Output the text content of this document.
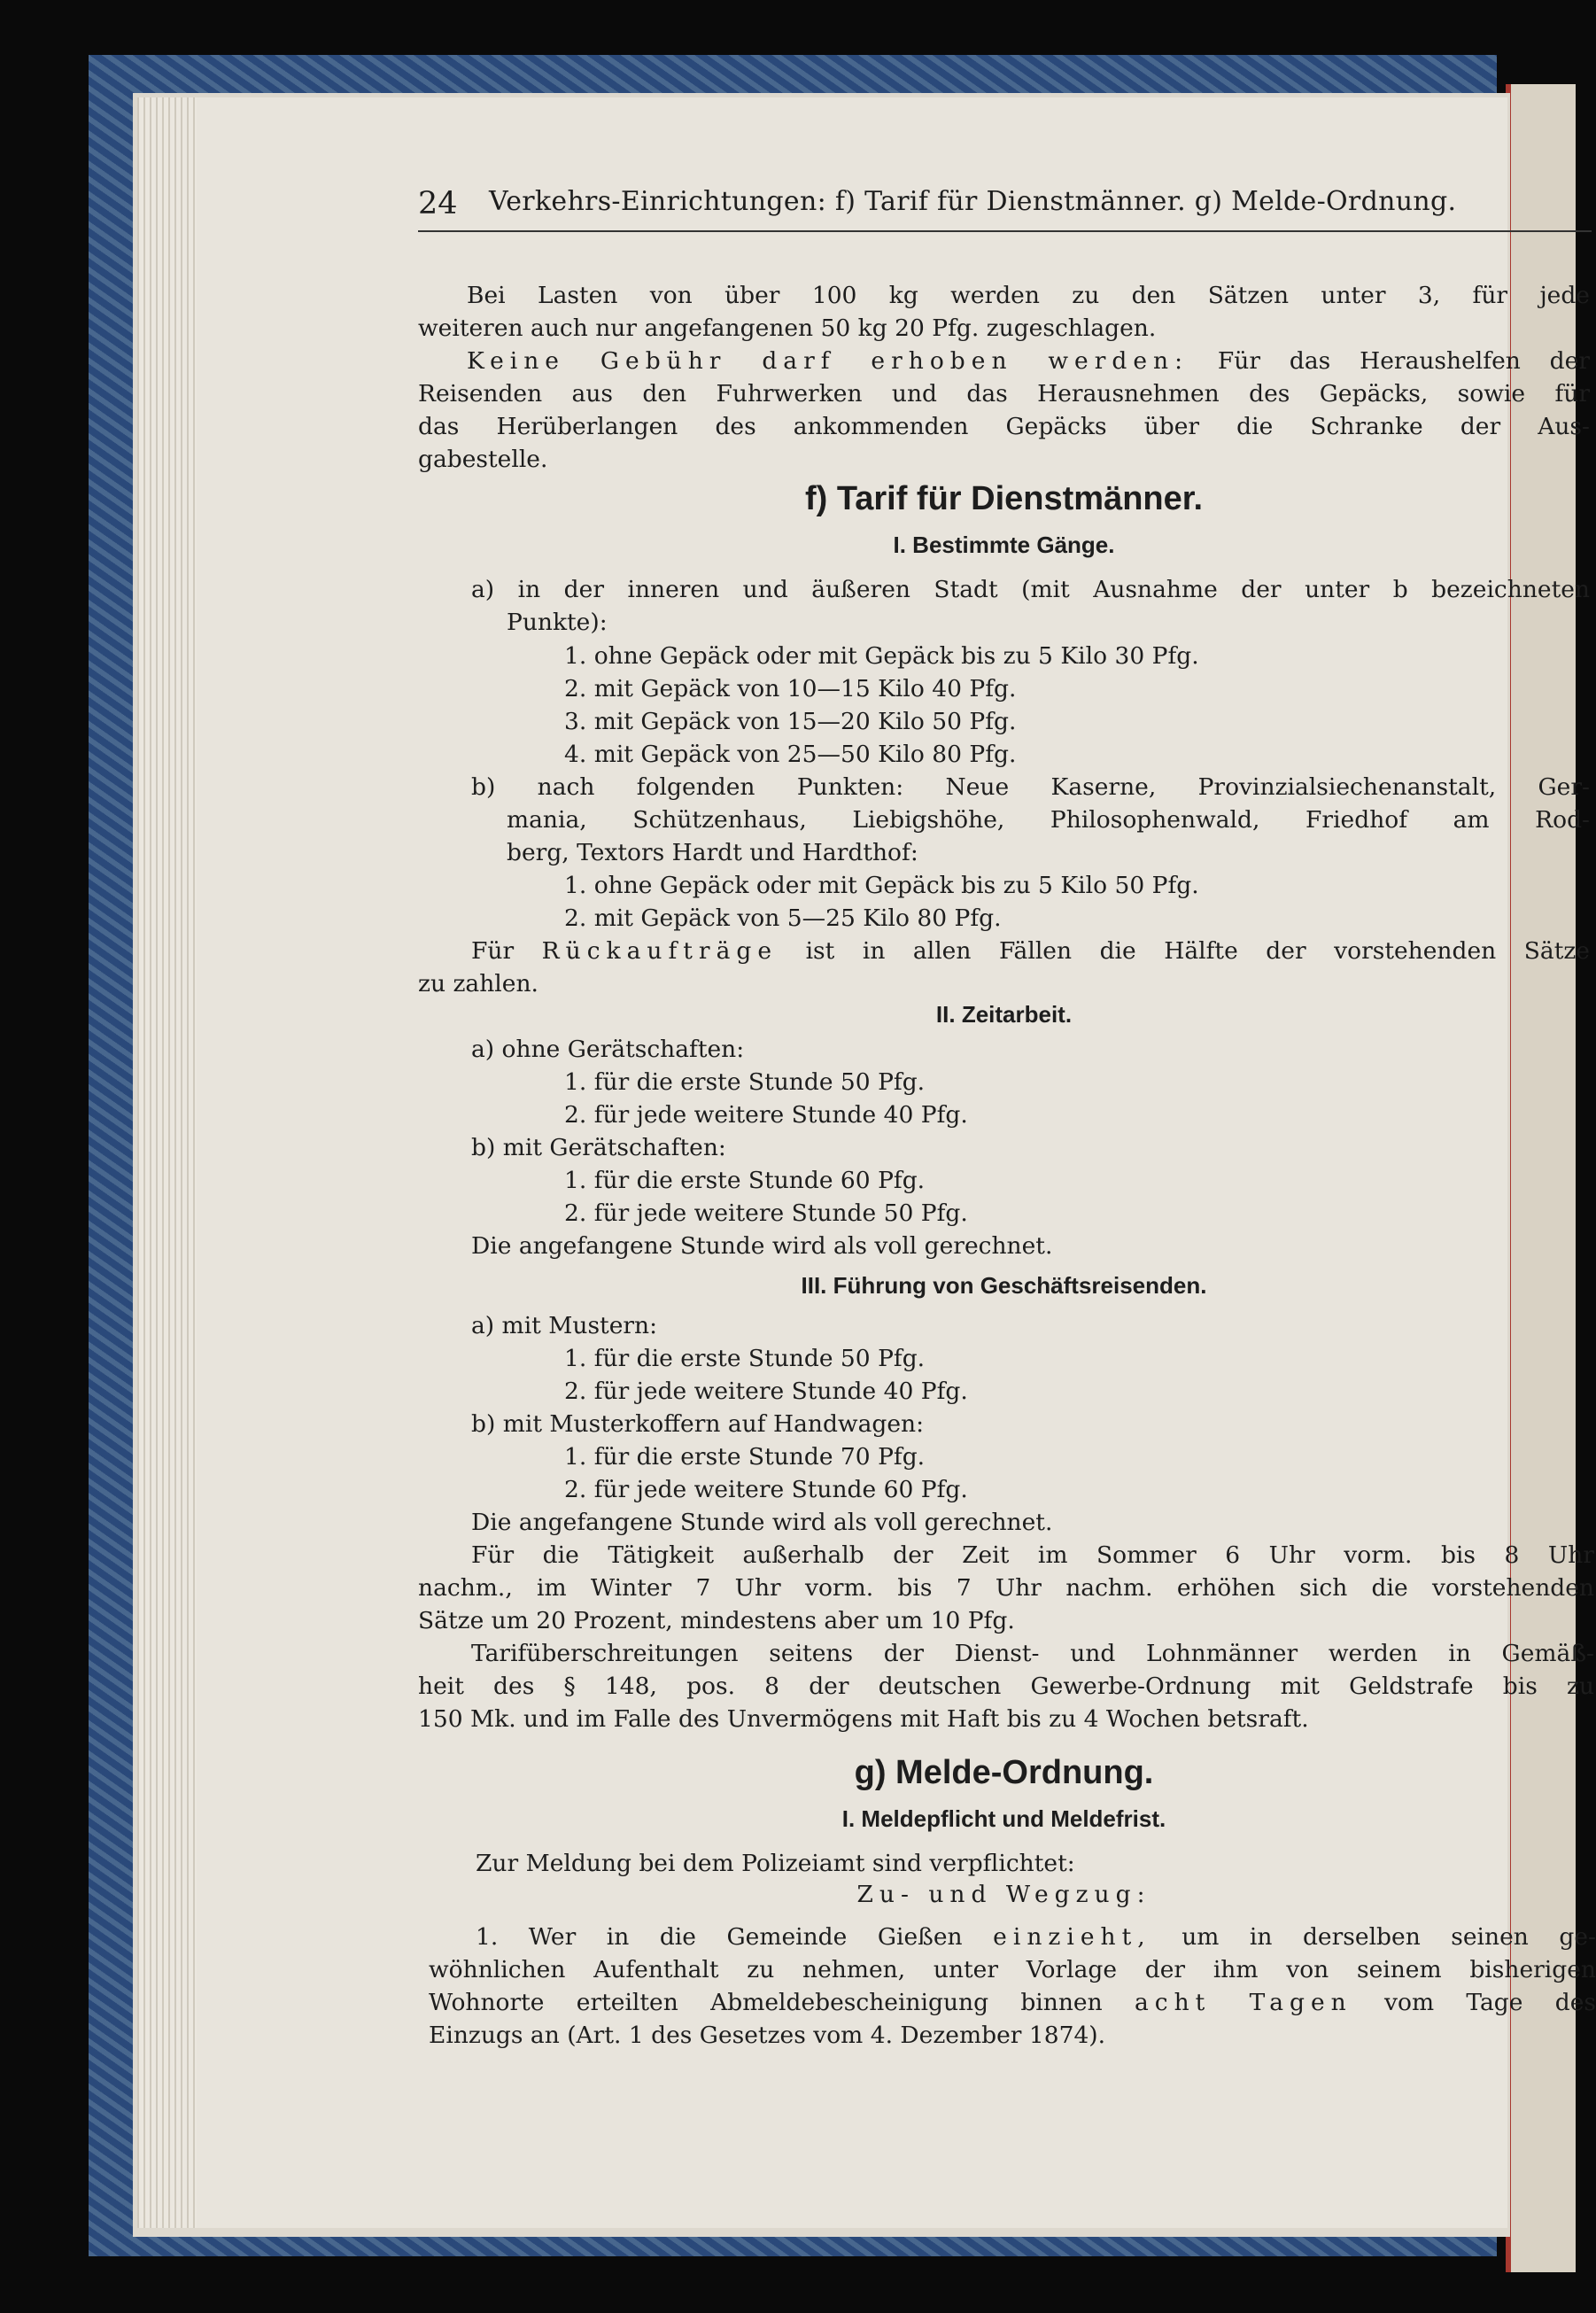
24 Verkehrs-Einrichtungen: f) Tarif für Dienstmänner. g) Melde-Ordnung.
Bei Lasten von über 100 kg werden zu den Sätzen unter 3, für jede
weiteren auch nur angefangenen 50 kg 20 Pfg. zugeschlagen.
Keine Gebühr darf erhoben werden: Für das Heraushelfen der
Reisenden aus den Fuhrwerken und das Herausnehmen des Gepäcks, sowie für
das Herüberlangen des ankommenden Gepäcks über die Schranke der Aus-
gabestelle.
f) Tarif für Dienstmänner.
I. Bestimmte Gänge.
a) in der inneren und äußeren Stadt (mit Ausnahme der unter b bezeichneten
Punkte):
1. ohne Gepäck oder mit Gepäck bis zu 5 Kilo 30 Pfg.
2. mit Gepäck von 10—15 Kilo 40 Pfg.
3. mit Gepäck von 15—20 Kilo 50 Pfg.
4. mit Gepäck von 25—50 Kilo 80 Pfg.
b) nach folgenden Punkten: Neue Kaserne, Provinzialsiechenanstalt, Ger-
mania, Schützenhaus, Liebigshöhe, Philosophenwald, Friedhof am Rod-
berg, Textors Hardt und Hardthof:
1. ohne Gepäck oder mit Gepäck bis zu 5 Kilo 50 Pfg.
2. mit Gepäck von 5—25 Kilo 80 Pfg.
Für Rückaufträge ist in allen Fällen die Hälfte der vorstehenden Sätze
zu zahlen.
II. Zeitarbeit.
a) ohne Gerätschaften:
1. für die erste Stunde 50 Pfg.
2. für jede weitere Stunde 40 Pfg.
b) mit Gerätschaften:
1. für die erste Stunde 60 Pfg.
2. für jede weitere Stunde 50 Pfg.
Die angefangene Stunde wird als voll gerechnet.
III. Führung von Geschäftsreisenden.
a) mit Mustern:
1. für die erste Stunde 50 Pfg.
2. für jede weitere Stunde 40 Pfg.
b) mit Musterkoffern auf Handwagen:
1. für die erste Stunde 70 Pfg.
2. für jede weitere Stunde 60 Pfg.
Die angefangene Stunde wird als voll gerechnet.
Für die Tätigkeit außerhalb der Zeit im Sommer 6 Uhr vorm. bis 8 Uhr
nachm., im Winter 7 Uhr vorm. bis 7 Uhr nachm. erhöhen sich die vorstehenden
Sätze um 20 Prozent, mindestens aber um 10 Pfg.
Tarifüberschreitungen seitens der Dienst- und Lohnmänner werden in Gemäß-
heit des § 148, pos. 8 der deutschen Gewerbe-Ordnung mit Geldstrafe bis zu
150 Mk. und im Falle des Unvermögens mit Haft bis zu 4 Wochen betsraft.
g) Melde-Ordnung.
I. Meldepflicht und Meldefrist.
Zur Meldung bei dem Polizeiamt sind verpflichtet:
Zu- und Wegzug:
1. Wer in die Gemeinde Gießen einzieht, um in derselben seinen ge-
wöhnlichen Aufenthalt zu nehmen, unter Vorlage der ihm von seinem bisherigen
Wohnorte erteilten Abmeldebescheinigung binnen acht Tagen vom Tage des
Einzugs an (Art. 1 des Gesetzes vom 4. Dezember 1874).
